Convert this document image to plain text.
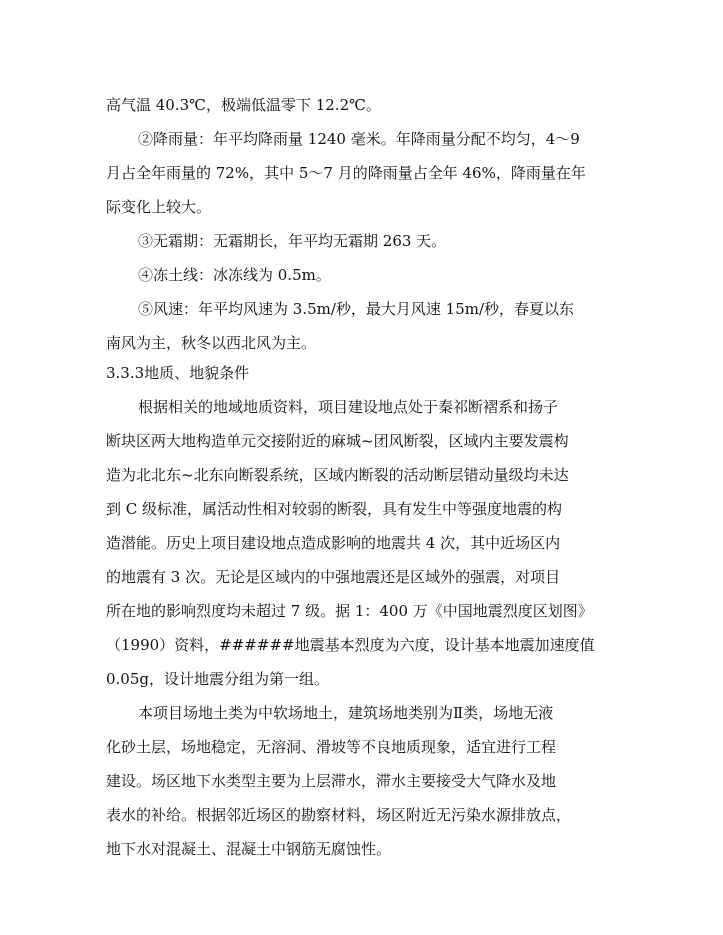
高气温 40.3℃，极端低温零下 12.2℃。
②降雨量：年平均降雨量 1240 毫米。年降雨量分配不均匀，4～9
月占全年雨量的 72%，其中 5～7 月的降雨量占全年 46%，降雨量在年
际变化上较大。
③无霜期：无霜期长，年平均无霜期 263 天。
④冻土线：冰冻线为 0.5m。
⑤风速：年平均风速为 3.5m/秒，最大月风速 15m/秒，春夏以东
南风为主，秋冬以西北风为主。
3.3.3地质、地貌条件
根据相关的地域地质资料，项目建设地点处于秦祁断褶系和扬子
断块区两大地构造单元交接附近的麻城~团风断裂，区域内主要发震构
造为北北东~北东向断裂系统，区域内断裂的活动断层错动量级均未达
到 C 级标准，属活动性相对较弱的断裂，具有发生中等强度地震的构
造潜能。历史上项目建设地点造成影响的地震共 4 次，其中近场区内
的地震有 3 次。无论是区域内的中强地震还是区域外的强震，对项目
所在地的影响烈度均未超过 7 级。据 1：400 万《中国地震烈度区划图》
（1990）资料，######地震基本烈度为六度，设计基本地震加速度值
0.05g，设计地震分组为第一组。
本项目场地土类为中软场地土，建筑场地类别为Ⅱ类，场地无液
化砂土层，场地稳定，无溶洞、滑坡等不良地质现象，适宜进行工程
建设。场区地下水类型主要为上层滞水，滞水主要接受大气降水及地
表水的补给。根据邻近场区的勘察材料，场区附近无污染水源排放点，
地下水对混凝土、混凝土中钢筋无腐蚀性。
